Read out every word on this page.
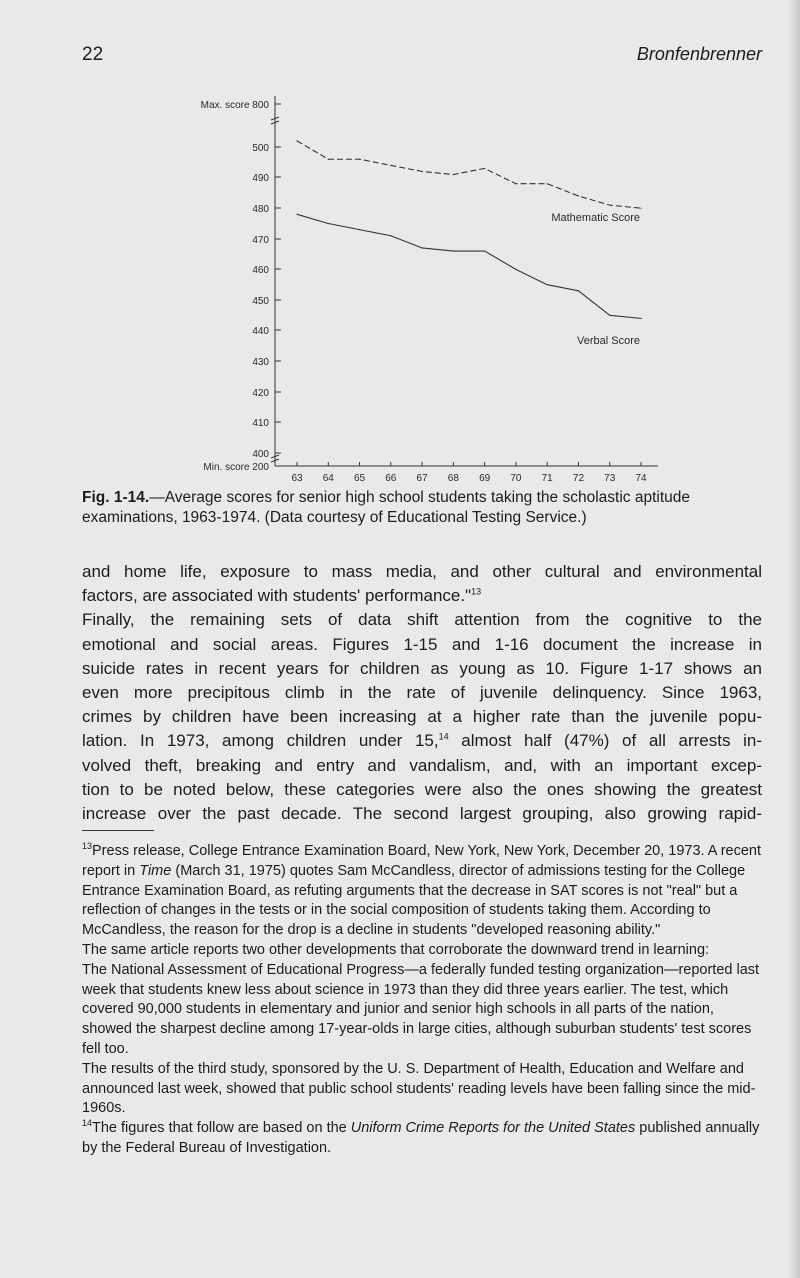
22	Bronfenbrenner
Max. score 800
500
490
480
470
460
450
440
430
420
410
400
Min. score 200
63 64 65 66 67 68 69 70 71 72 73 74
Mathematic Score
Verbal Score
Fig. 1-14.—Average scores for senior high school students taking the scholastic aptitude examinations, 1963-1974. (Data courtesy of Educational Testing Service.)
and home life, exposure to mass media, and other cultural and environmental
factors, are associated with students' performance."$^{13}$
Finally, the remaining sets of data shift attention from the cognitive to the
emotional and social areas. Figures 1-15 and 1-16 document the increase in
suicide rates in recent years for children as young as 10. Figure 1-17 shows an
even more precipitous climb in the rate of juvenile delinquency. Since 1963,
crimes by children have been increasing at a higher rate than the juvenile popu-
lation. In 1973, among children under 15,14 almost half (47%) of all arrests in-
volved theft, breaking and entry and vandalism, and, with an important excep-
tion to be noted below, these categories were also the ones showing the greatest
increase over the past decade. The second largest grouping, also growing rapid-

$^{13}$Press release, College Entrance Examination Board, New York, New York, December 20, 1973. A recent report in Time (March 31, 1975) quotes Sam McCandless, director of admissions testing for the College Entrance Examination Board, as refuting arguments that the decrease in SAT scores is not "real" but a reflection of changes in the tests or in the social composition of students taking them. According to McCandless, the reason for the drop is a decline in students "developed reasoning ability."

The same article reports two other developments that corroborate the downward trend in learning:

The National Assessment of Educational Progress—a federally funded testing organization—reported last week that students knew less about science in 1973 than they did three years earlier. The test, which covered 90,000 students in elementary and junior and senior high schools in all parts of the nation, showed the sharpest decline among 17-year-olds in large cities, although suburban students' test scores fell too.

The results of the third study, sponsored by the U. S. Department of Health, Education and Welfare and announced last week, showed that public school students' reading levels have been falling since the mid-1960s.

$^{14}$The figures that follow are based on the Uniform Crime Reports for the United States published annually by the Federal Bureau of Investigation.
